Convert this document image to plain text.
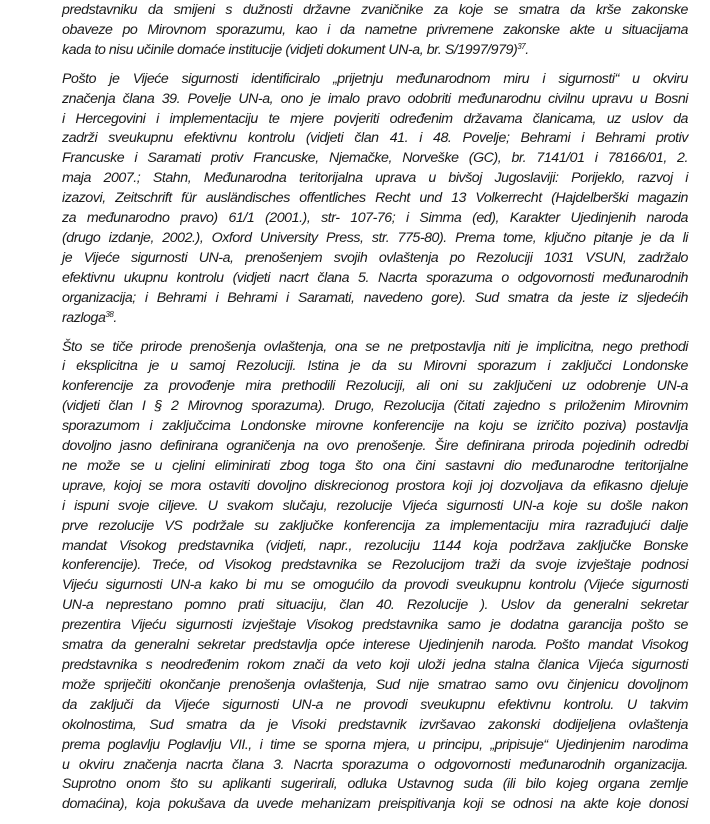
predstavniku da smijeni s dužnosti državne zvaničnike za koje se smatra da krše zakonske
obaveze po Mirovnom sporazumu, kao i da nametne privremene zakonske akte u situacijama
kada to nisu učinile domaće institucije (vidjeti dokument UN-a, br. S/1997/979)$^{37}$.

Pošto je Vijeće sigurnosti identificiralo „prijetnju međunarodnom miru i sigurnosti“ u okviru
značenja člana 39. Povelje UN-a, ono je imalo pravo odobriti međunarodnu civilnu upravu u Bosni
i Hercegovini i implementaciju te mjere povjeriti određenim državama članicama, uz uslov da
zadrži sveukupnu efektivnu kontrolu (vidjeti član 41. i 48. Povelje; Behrami i Behrami protiv
Francuske i Saramati protiv Francuske, Njemačke, Norveške (GC), br. 7141/01 i 78166/01, 2.
maja 2007.; Stahn, Međunarodna teritorijalna uprava u bivšoj Jugoslaviji: Porijeklo, razvoj i
izazovi, Zeitschrift für ausländisches offentliches Recht und 13 Volkerrecht (Hajdelberški magazin
za međunarodno pravo) 61/1 (2001.), str- 107-76; i Simma (ed), Karakter Ujedinjenih naroda
(drugo izdanje, 2002.), Oxford University Press, str. 775-80). Prema tome, ključno pitanje je da li
je Vijeće sigurnosti UN-a, prenošenjem svojih ovlaštenja po Rezoluciji 1031 VSUN, zadržalo
efektivnu ukupnu kontrolu (vidjeti nacrt člana 5. Nacrta sporazuma o odgovornosti međunarodnih
organizacija; i Behrami i Behrami i Saramati, navedeno gore). Sud smatra da jeste iz sljedećih
razloga$^{38}$.

Što se tiče prirode prenošenja ovlaštenja, ona se ne pretpostavlja niti je implicitna, nego prethodi
i eksplicitna je u samoj Rezoluciji. Istina je da su Mirovni sporazum i zaključci Londonske
konferencije za provođenje mira prethodili Rezoluciji, ali oni su zaključeni uz odobrenje UN-a
(vidjeti član I § 2 Mirovnog sporazuma). Drugo, Rezolucija (čitati zajedno s priloženim Mirovnim
sporazumom i zaključcima Londonske mirovne konferencije na koju se izričito poziva) postavlja
dovoljno jasno definirana ograničenja na ovo prenošenje. Šire definirana priroda pojedinih odredbi
ne može se u cjelini eliminirati zbog toga što ona čini sastavni dio međunarodne teritorijalne
uprave, kojoj se mora ostaviti dovoljno diskrecionog prostora koji joj dozvoljava da efikasno djeluje
i ispuni svoje ciljeve. U svakom slučaju, rezolucije Vijeća sigurnosti UN-a koje su došle nakon
prve rezolucije VS podržale su zaključke konferencija za implementaciju mira razrađujući dalje
mandat Visokog predstavnika (vidjeti, napr., rezoluciju 1144 koja podržava zaključke Bonske
konferencije). Treće, od Visokog predstavnika se Rezolucijom traži da svoje izvještaje podnosi
Vijeću sigurnosti UN-a kako bi mu se omogućilo da provodi sveukupnu kontrolu (Vijeće sigurnosti
UN-a neprestano pomno prati situaciju, član 40. Rezolucije ). Uslov da generalni sekretar
prezentira Vijeću sigurnosti izvještaje Visokog predstavnika samo je dodatna garancija pošto se
smatra da generalni sekretar predstavlja opće interese Ujedinjenih naroda. Pošto mandat Visokog
predstavnika s neodređenim rokom znači da veto koji uloži jedna stalna članica Vijeća sigurnosti
može spriječiti okončanje prenošenja ovlaštenja, Sud nije smatrao samo ovu činjenicu dovoljnom
da zaključi da Vijeće sigurnosti UN-a ne provodi sveukupnu efektivnu kontrolu. U takvim
okolnostima, Sud smatra da je Visoki predstavnik izvršavao zakonski dodijeljena ovlaštenja
prema poglavlju Poglavlju VII., i time se sporna mjera, u principu, „pripisuje“ Ujedinjenim narodima
u okviru značenja nacrta člana 3. Nacrta sporazuma o odgovornosti međunarodnih organizacija.
Suprotno onom što su aplikanti sugerirali, odluka Ustavnog suda (ili bilo kojeg organa zemlje
domaćina), koja pokušava da uvede mehanizam preispitivanja koji se odnosi na akte koje donosi
